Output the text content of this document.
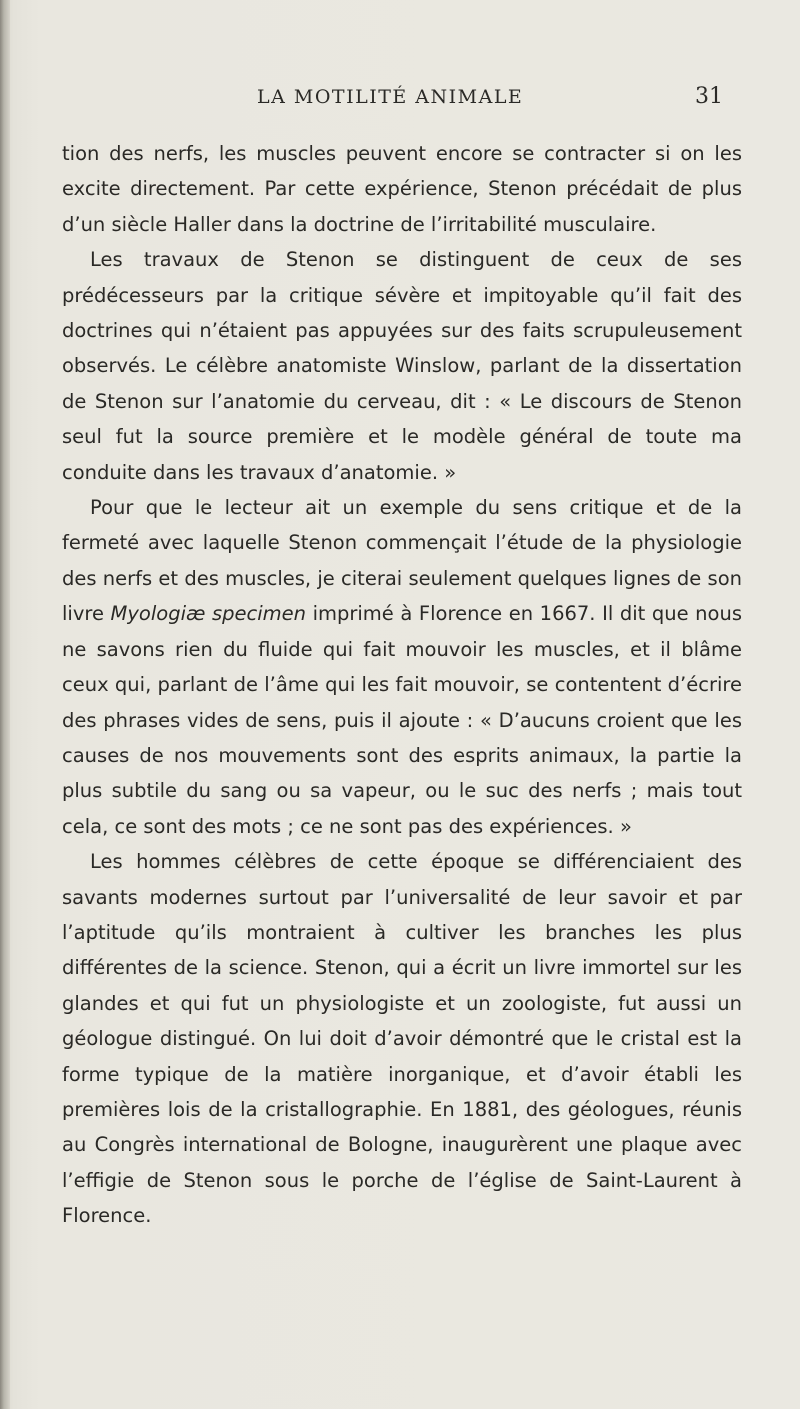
LA MOTILITÉ ANIMALE	31

tion des nerfs, les muscles peuvent encore se contracter si on les excite directement. Par cette expérience, Stenon précédait de plus d’un siècle Haller dans la doctrine de l’irritabilité musculaire.

Les travaux de Stenon se distinguent de ceux de ses prédécesseurs par la critique sévère et impitoyable qu’il fait des doctrines qui n’étaient pas appuyées sur des faits scrupuleusement observés. Le célèbre anatomiste Winslow, parlant de la dissertation de Stenon sur l’anatomie du cerveau, dit : « Le discours de Stenon seul fut la source première et le modèle général de toute ma conduite dans les travaux d’anatomie. »

Pour que le lecteur ait un exemple du sens critique et de la fermeté avec laquelle Stenon commençait l’étude de la physiologie des nerfs et des muscles, je citerai seulement quelques lignes de son livre Myologiæ specimen imprimé à Florence en 1667. Il dit que nous ne savons rien du fluide qui fait mouvoir les muscles, et il blâme ceux qui, parlant de l’âme qui les fait mouvoir, se contentent d’écrire des phrases vides de sens, puis il ajoute : « D’aucuns croient que les causes de nos mouvements sont des esprits animaux, la partie la plus subtile du sang ou sa vapeur, ou le suc des nerfs ; mais tout cela, ce sont des mots ; ce ne sont pas des expériences. »

Les hommes célèbres de cette époque se différenciaient des savants modernes surtout par l’universalité de leur savoir et par l’aptitude qu’ils montraient à cultiver les branches les plus différentes de la science. Stenon, qui a écrit un livre immortel sur les glandes et qui fut un physiologiste et un zoologiste, fut aussi un géologue distingué. On lui doit d’avoir démontré que le cristal est la forme typique de la matière inorganique, et d’avoir établi les premières lois de la cristallographie. En 1881, des géologues, réunis au Congrès international de Bologne, inaugurèrent une plaque avec l’effigie de Stenon sous le porche de l’église de Saint-Laurent à Florence.
